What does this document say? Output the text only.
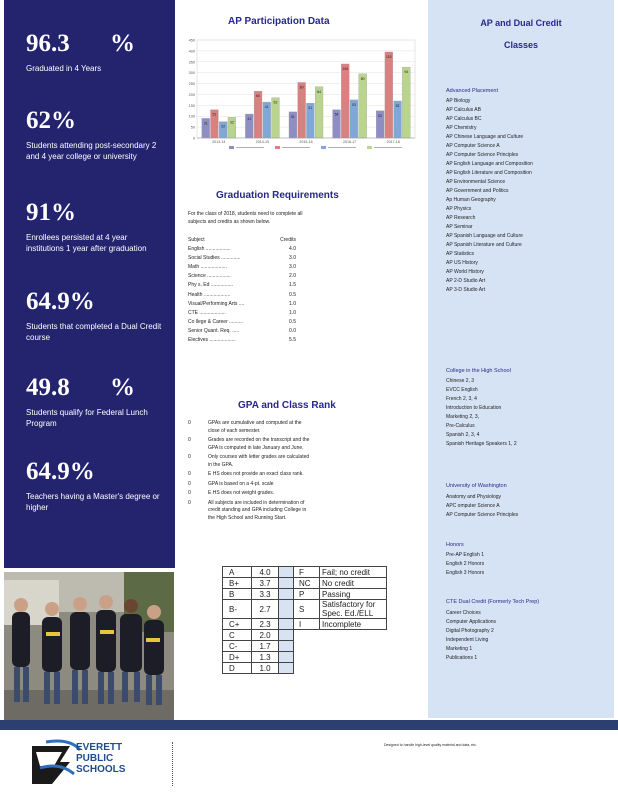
96.3 %
Graduated in 4 Years
62%
Students attending post-secondary 2 and 4 year college or university
91%
Enrollees persisted at 4 year institutions 1 year after graduation
64.9%
Students that completed a Dual Credit course
49.8 %
Students qualify for Federal Lunch Program
64.9%
Teachers having a Master's degree or higher
AP Participation Data
31
51
22
32
41
60
41
52
51
80
51
64
54
106
53
80
52
115
52
94
450
400
350
300
250
200
150
100
50
0
2013-14	2014-15	2015-16	2016-17	2017-18
Graduation Requirements
For the class of 2018, students need to complete all subjects and credits as shown below.
Subject	Credits
English ..................	4.0
Social Studies ..............	3.0
Math ...................	3.0
Science .................	2.0
Phy s. Ed ................	1.5
Health ...................	0.5
Visual/Performing Arts ....	1.0
CTE ...................	1.0
Co llege & Career ..........	0.5
Senior Quant. Req. .....	0.0
Electives ...................	5.5
GPA and Class Rank
0	GPAs are cumulative and computed at the close of each semester.
0	Grades are recorded on the transcript and the GPA is computed in late January and June.
0	Only courses with letter grades are calculated in the GPA.
0	E HS does not provide an exact class rank.
0	GPA is based on a 4-pt. scale
0	E HS does not weight grades.
0	All subjects are included in determination of credit standing and GPA including College in the High School and Running Start.
A	4.0		F	Fail; no credit
B+	3.7		NC	No credit
B	3.3		P	Passing
B-	2.7		S	Satisfactory for Spec. Ed./ELL
C+	2.3		I	Incomplete
C	2.0			
C-	1.7			
D+	1.3			
D	1.0			
AP and Dual Credit
Classes
Advanced Placement
AP Biology
AP Calculus AB
AP Calculus BC
AP Chemistry
AP Chinese Language and Culture
AP Computer Science A
AP Computer Science Principles
AP English Language and Composition
AP English Literature and Composition
AP Environmental Science
AP Government and Politics
Ap Human Geography
AP Physics
AP Research
AP Seminar
AP Spanish Language and Culture
AP Spanish Literature and Culture
AP Statistics
AP US History
AP World History
AP 2-D Studio Art
AP 3-D Studio Art
College in the High School
Chinese 2, 3
EVCC English
French 2, 3, 4
Introduction to Education
Marketing 2, 3,
Pre-Calculus
Spanish 2, 3, 4
Spanish Heritage Speakers 1, 2
University of Washington
Anatomy and Physiology
APC omputer Science A
AP Computer Science Principles
Honors
Pre-AP English 1
English 2 Honors
English 3 Honors
CTE Dual Credit (Formerly Tech Prep)
Career Choices
Computer Applications
Digital Photography 2
Independent Living
Marketing 1
Publications 1
EVERETT
PUBLIC
SCHOOLS
Designed to handle high-level quality material and data, etc.
